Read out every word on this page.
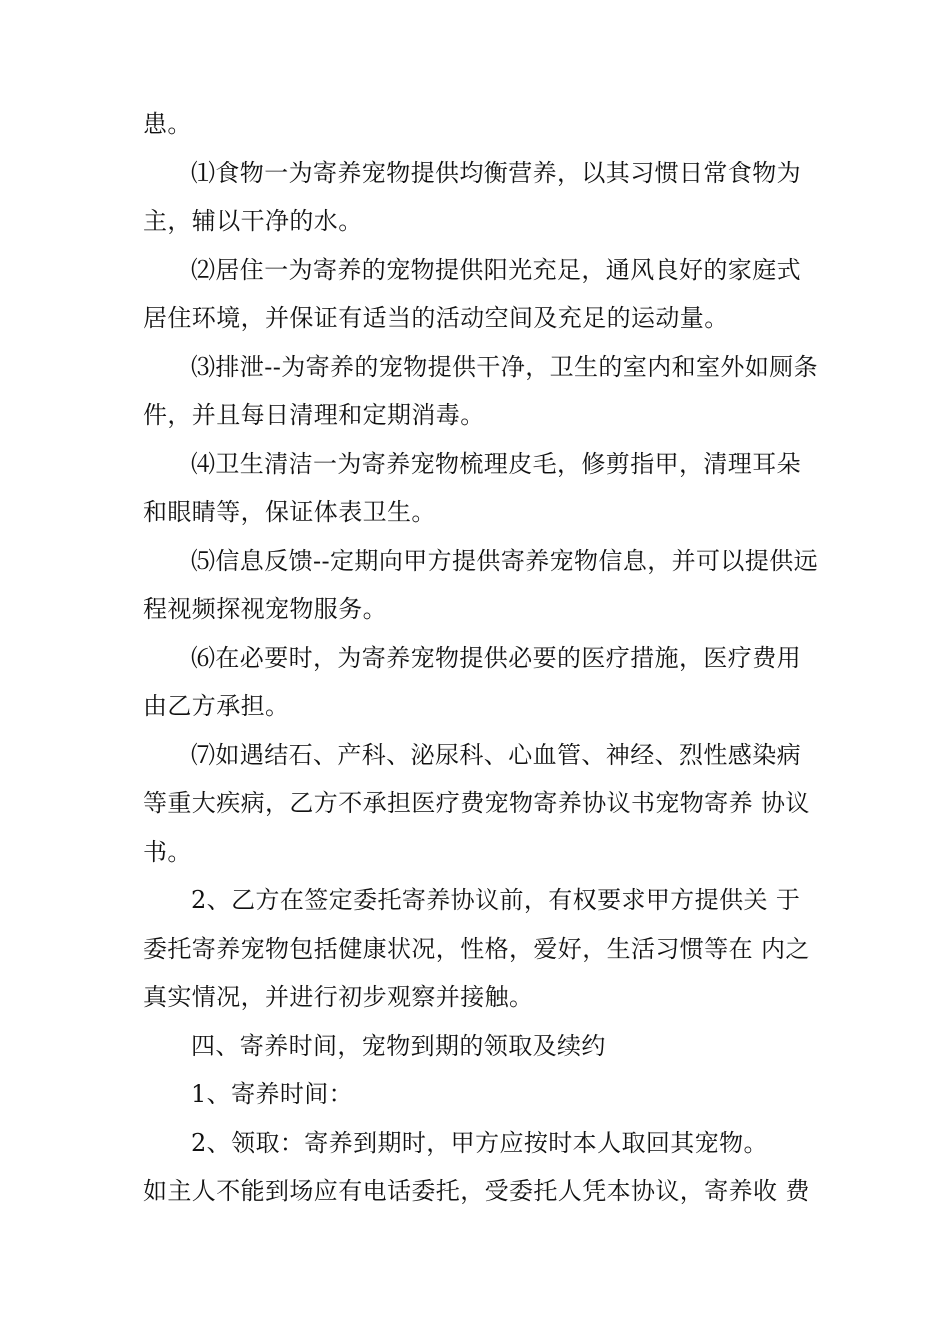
患。

⑴食物一为寄养宠物提供均衡营养，以其习惯日常食物为主，辅以干净的水。

⑵居住一为寄养的宠物提供阳光充足，通风良好的家庭式居住环境，并保证有适当的活动空间及充足的运动量。

⑶排泄--为寄养的宠物提供干净，卫生的室内和室外如厕条件，并且每日清理和定期消毒。

⑷卫生清洁一为寄养宠物梳理皮毛，修剪指甲，清理耳朵和眼睛等，保证体表卫生。

⑸信息反馈--定期向甲方提供寄养宠物信息，并可以提供远程视频探视宠物服务。

⑹在必要时，为寄养宠物提供必要的医疗措施，医疗费用由乙方承担。

⑺如遇结石、产科、泌尿科、心血管、神经、烈性感染病等重大疾病，乙方不承担医疗费宠物寄养协议书宠物寄养 协议书。

2、乙方在签定委托寄养协议前，有权要求甲方提供关 于委托寄养宠物包括健康状况，性格，爱好，生活习惯等在 内之真实情况，并进行初步观察并接触。

四、寄养时间，宠物到期的领取及续约

1、寄养时间：

2、领取：寄养到期时，甲方应按时本人取回其宠物。

如主人不能到场应有电话委托，受委托人凭本协议，寄养收 费
